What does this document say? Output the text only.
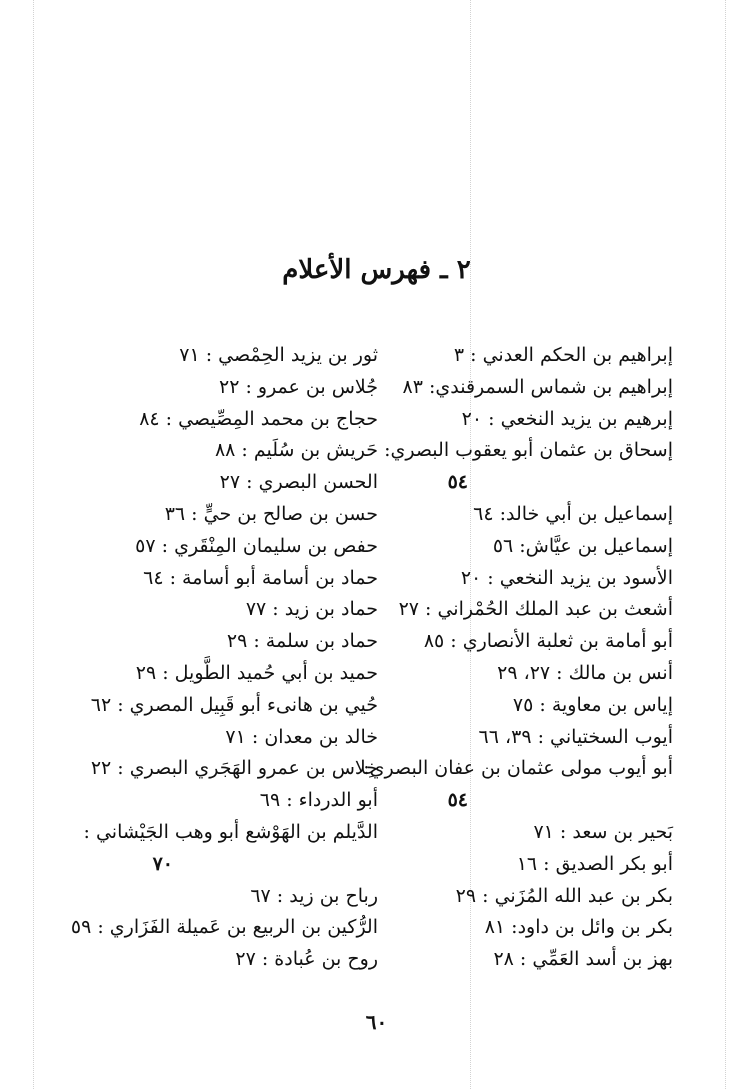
٢ ـ فهرس الأعلام
إبراهيم بن الحكم العدني : ٣
إبراهيم بن شماس السمرقندي: ٨٣
إبرهيم بن يزيد النخعي : ٢٠
إسحاق بن عثمان أبو يعقوب البصري:
٥٤
إسماعيل بن أبي خالد: ٦٤
إسماعيل بن عيَّاش: ٥٦
الأسود بن يزيد النخعي : ٢٠
أشعث بن عبد الملك الحُمْراني : ٢٧
أبو أمامة بن ثعلبة الأنصاري : ٨٥
أنس بن مالك : ٢٧، ٢٩
إياس بن معاوية : ٧٥
أيوب السختياني : ٣٩، ٦٦
أبو أيوب مولى عثمان بن عفان البصري:
٥٤
بَحير بن سعد : ٧١
أبو بكر الصديق : ١٦
بكر بن عبد الله المُزَني : ٢٩
بكر بن وائل بن داود: ٨١
بهز بن أسد العَمِّي : ٢٨
ثور بن يزيد الحِمْصي : ٧١
جُلاس بن عمرو : ٢٢
حجاج بن محمد المِصِّيصي : ٨٤
حَريش بن سُلَيم : ٨٨
الحسن البصري : ٢٧
حسن بن صالح بن حيٍّ : ٣٦
حفص بن سليمان المِنْقَري : ٥٧
حماد بن أسامة أبو أسامة : ٦٤
حماد بن زيد : ٧٧
حماد بن سلمة : ٢٩
حميد بن أبي حُميد الطَّويل : ٢٩
حُيي بن هانىء أبو قَبِيل المصري : ٦٢
خالد بن معدان : ٧١
خِلاس بن عمرو الهَجَري البصري : ٢٢
أبو الدرداء : ٦٩
الدَّيلم بن الهَوْشع أبو وهب الجَيْشاني :
٧٠
رباح بن زيد : ٦٧
الرُّكين بن الربيع بن عَميلة الفَزَاري : ٥٩
روح بن عُبادة : ٢٧
٦٠
